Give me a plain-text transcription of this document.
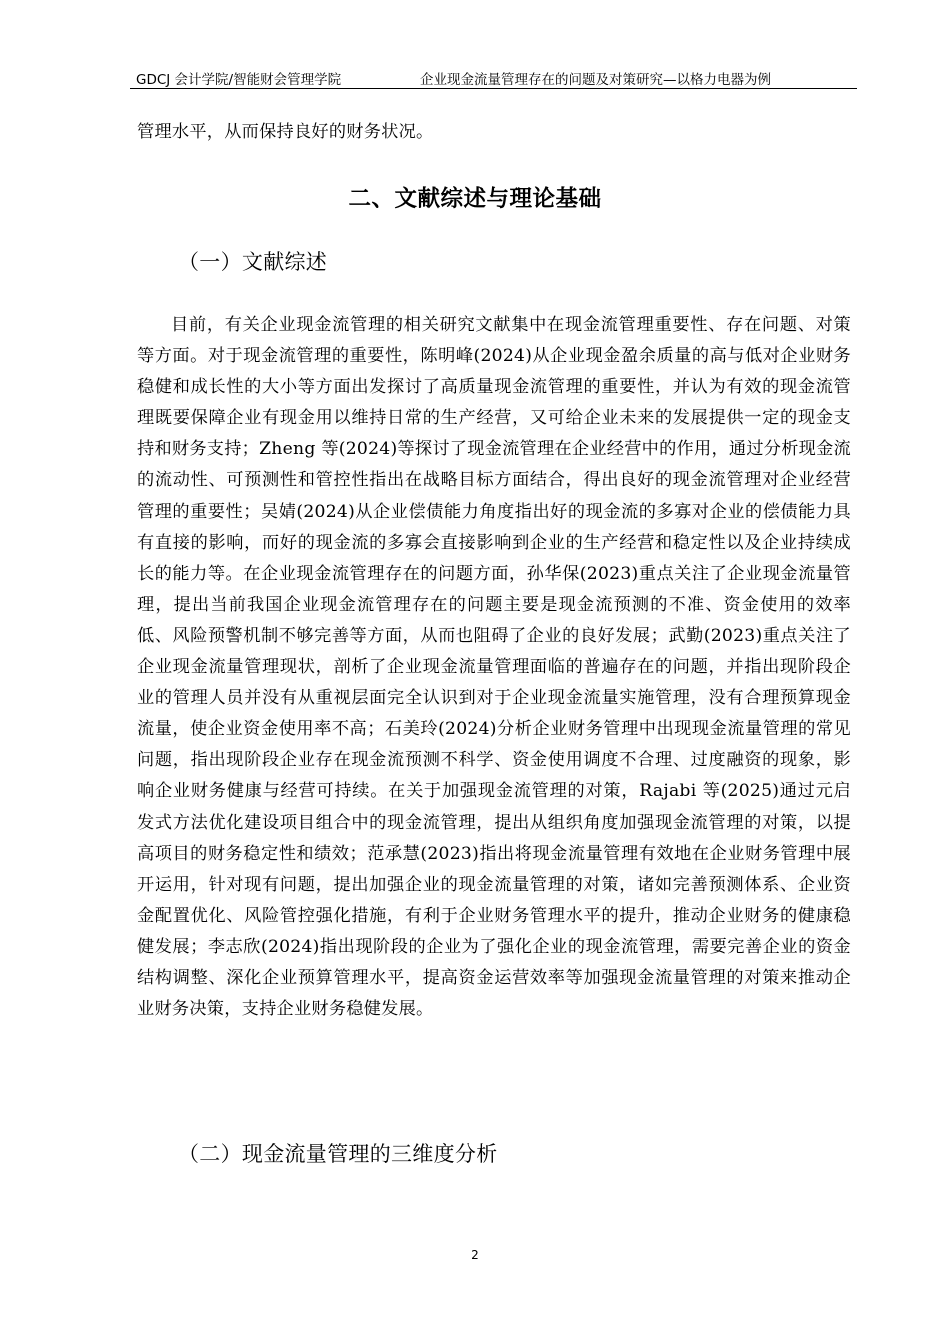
GDCJ 会计学院/智能财会管理学院	企业现金流量管理存在的问题及对策研究—以格力电器为例
管理水平，从而保持良好的财务状况。
二、文献综述与理论基础
（一）文献综述
目前，有关企业现金流管理的相关研究文献集中在现金流管理重要性、存在问题、对策等方面。对于现金流管理的重要性，陈明峰(2024)从企业现金盈余质量的高与低对企业财务稳健和成长性的大小等方面出发探讨了高质量现金流管理的重要性，并认为有效的现金流管理既要保障企业有现金用以维持日常的生产经营，又可给企业未来的发展提供一定的现金支持和财务支持；Zheng 等(2024)等探讨了现金流管理在企业经营中的作用，通过分析现金流的流动性、可预测性和管控性指出在战略目标方面结合，得出良好的现金流管理对企业经营管理的重要性；吴婧(2024)从企业偿债能力角度指出好的现金流的多寡对企业的偿债能力具有直接的影响，而好的现金流的多寡会直接影响到企业的生产经营和稳定性以及企业持续成长的能力等。在企业现金流管理存在的问题方面，孙华保(2023)重点关注了企业现金流量管理，提出当前我国企业现金流管理存在的问题主要是现金流预测的不准、资金使用的效率低、风险预警机制不够完善等方面，从而也阻碍了企业的良好发展；武勤(2023)重点关注了企业现金流量管理现状，剖析了企业现金流量管理面临的普遍存在的问题，并指出现阶段企业的管理人员并没有从重视层面完全认识到对于企业现金流量实施管理，没有合理预算现金流量，使企业资金使用率不高；石美玲(2024)分析企业财务管理中出现现金流量管理的常见问题，指出现阶段企业存在现金流预测不科学、资金使用调度不合理、过度融资的现象，影响企业财务健康与经营可持续。在关于加强现金流管理的对策，Rajabi 等(2025)通过元启发式方法优化建设项目组合中的现金流管理，提出从组织角度加强现金流管理的对策，以提高项目的财务稳定性和绩效；范承慧(2023)指出将现金流量管理有效地在企业财务管理中展开运用，针对现有问题，提出加强企业的现金流量管理的对策，诸如完善预测体系、企业资金配置优化、风险管控强化措施，有利于企业财务管理水平的提升，推动企业财务的健康稳健发展；李志欣(2024)指出现阶段的企业为了强化企业的现金流管理，需要完善企业的资金结构调整、深化企业预算管理水平，提高资金运营效率等加强现金流量管理的对策来推动企业财务决策，支持企业财务稳健发展。
（二）现金流量管理的三维度分析
2
